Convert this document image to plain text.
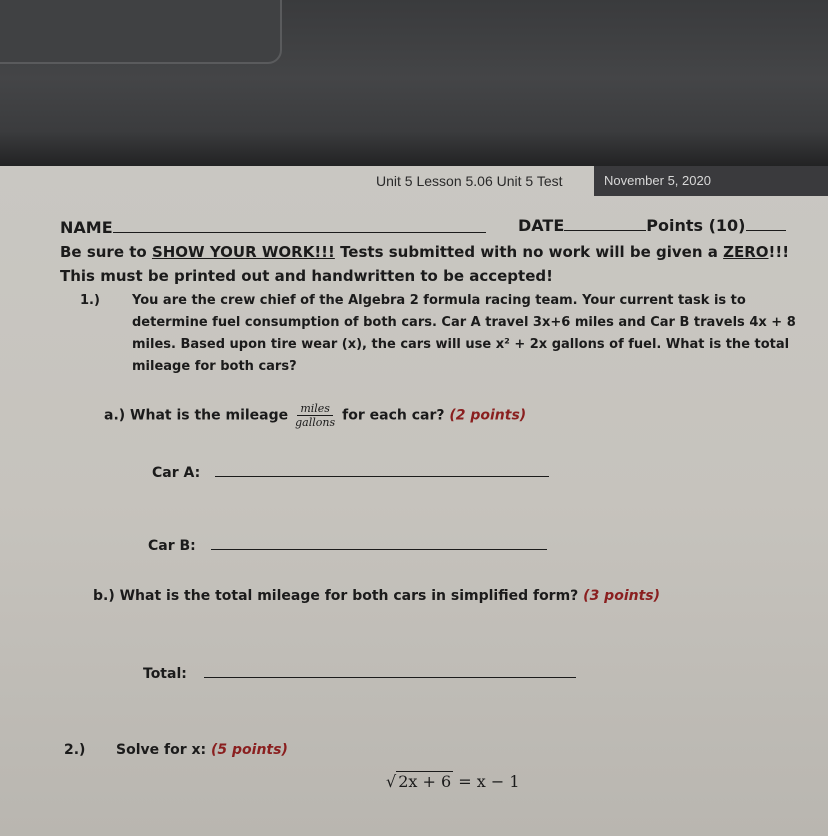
Unit 5 Lesson 5.06 Unit 5 Test	November 5, 2020
NAME	DATE	Points (10)
Be sure to SHOW YOUR WORK!!! Tests submitted with no work will be given a ZERO!!!
This must be printed out and handwritten to be accepted!
1.) You are the crew chief of the Algebra 2 formula racing team. Your current task is to
determine fuel consumption of both cars. Car A travel 3x+6 miles and Car B travels 4x + 8
miles. Based upon tire wear (x), the cars will use x² + 2x gallons of fuel. What is the total
mileage for both cars?
a.) What is the mileage $\frac{\text{miles}}{\text{gallons}}$ for each car? (2 points)
Car A:
Car B:
b.) What is the total mileage for both cars in simplified form? (3 points)
Total:
2.) Solve for x: (5 points)
√ 2x + 6 = x − 1
